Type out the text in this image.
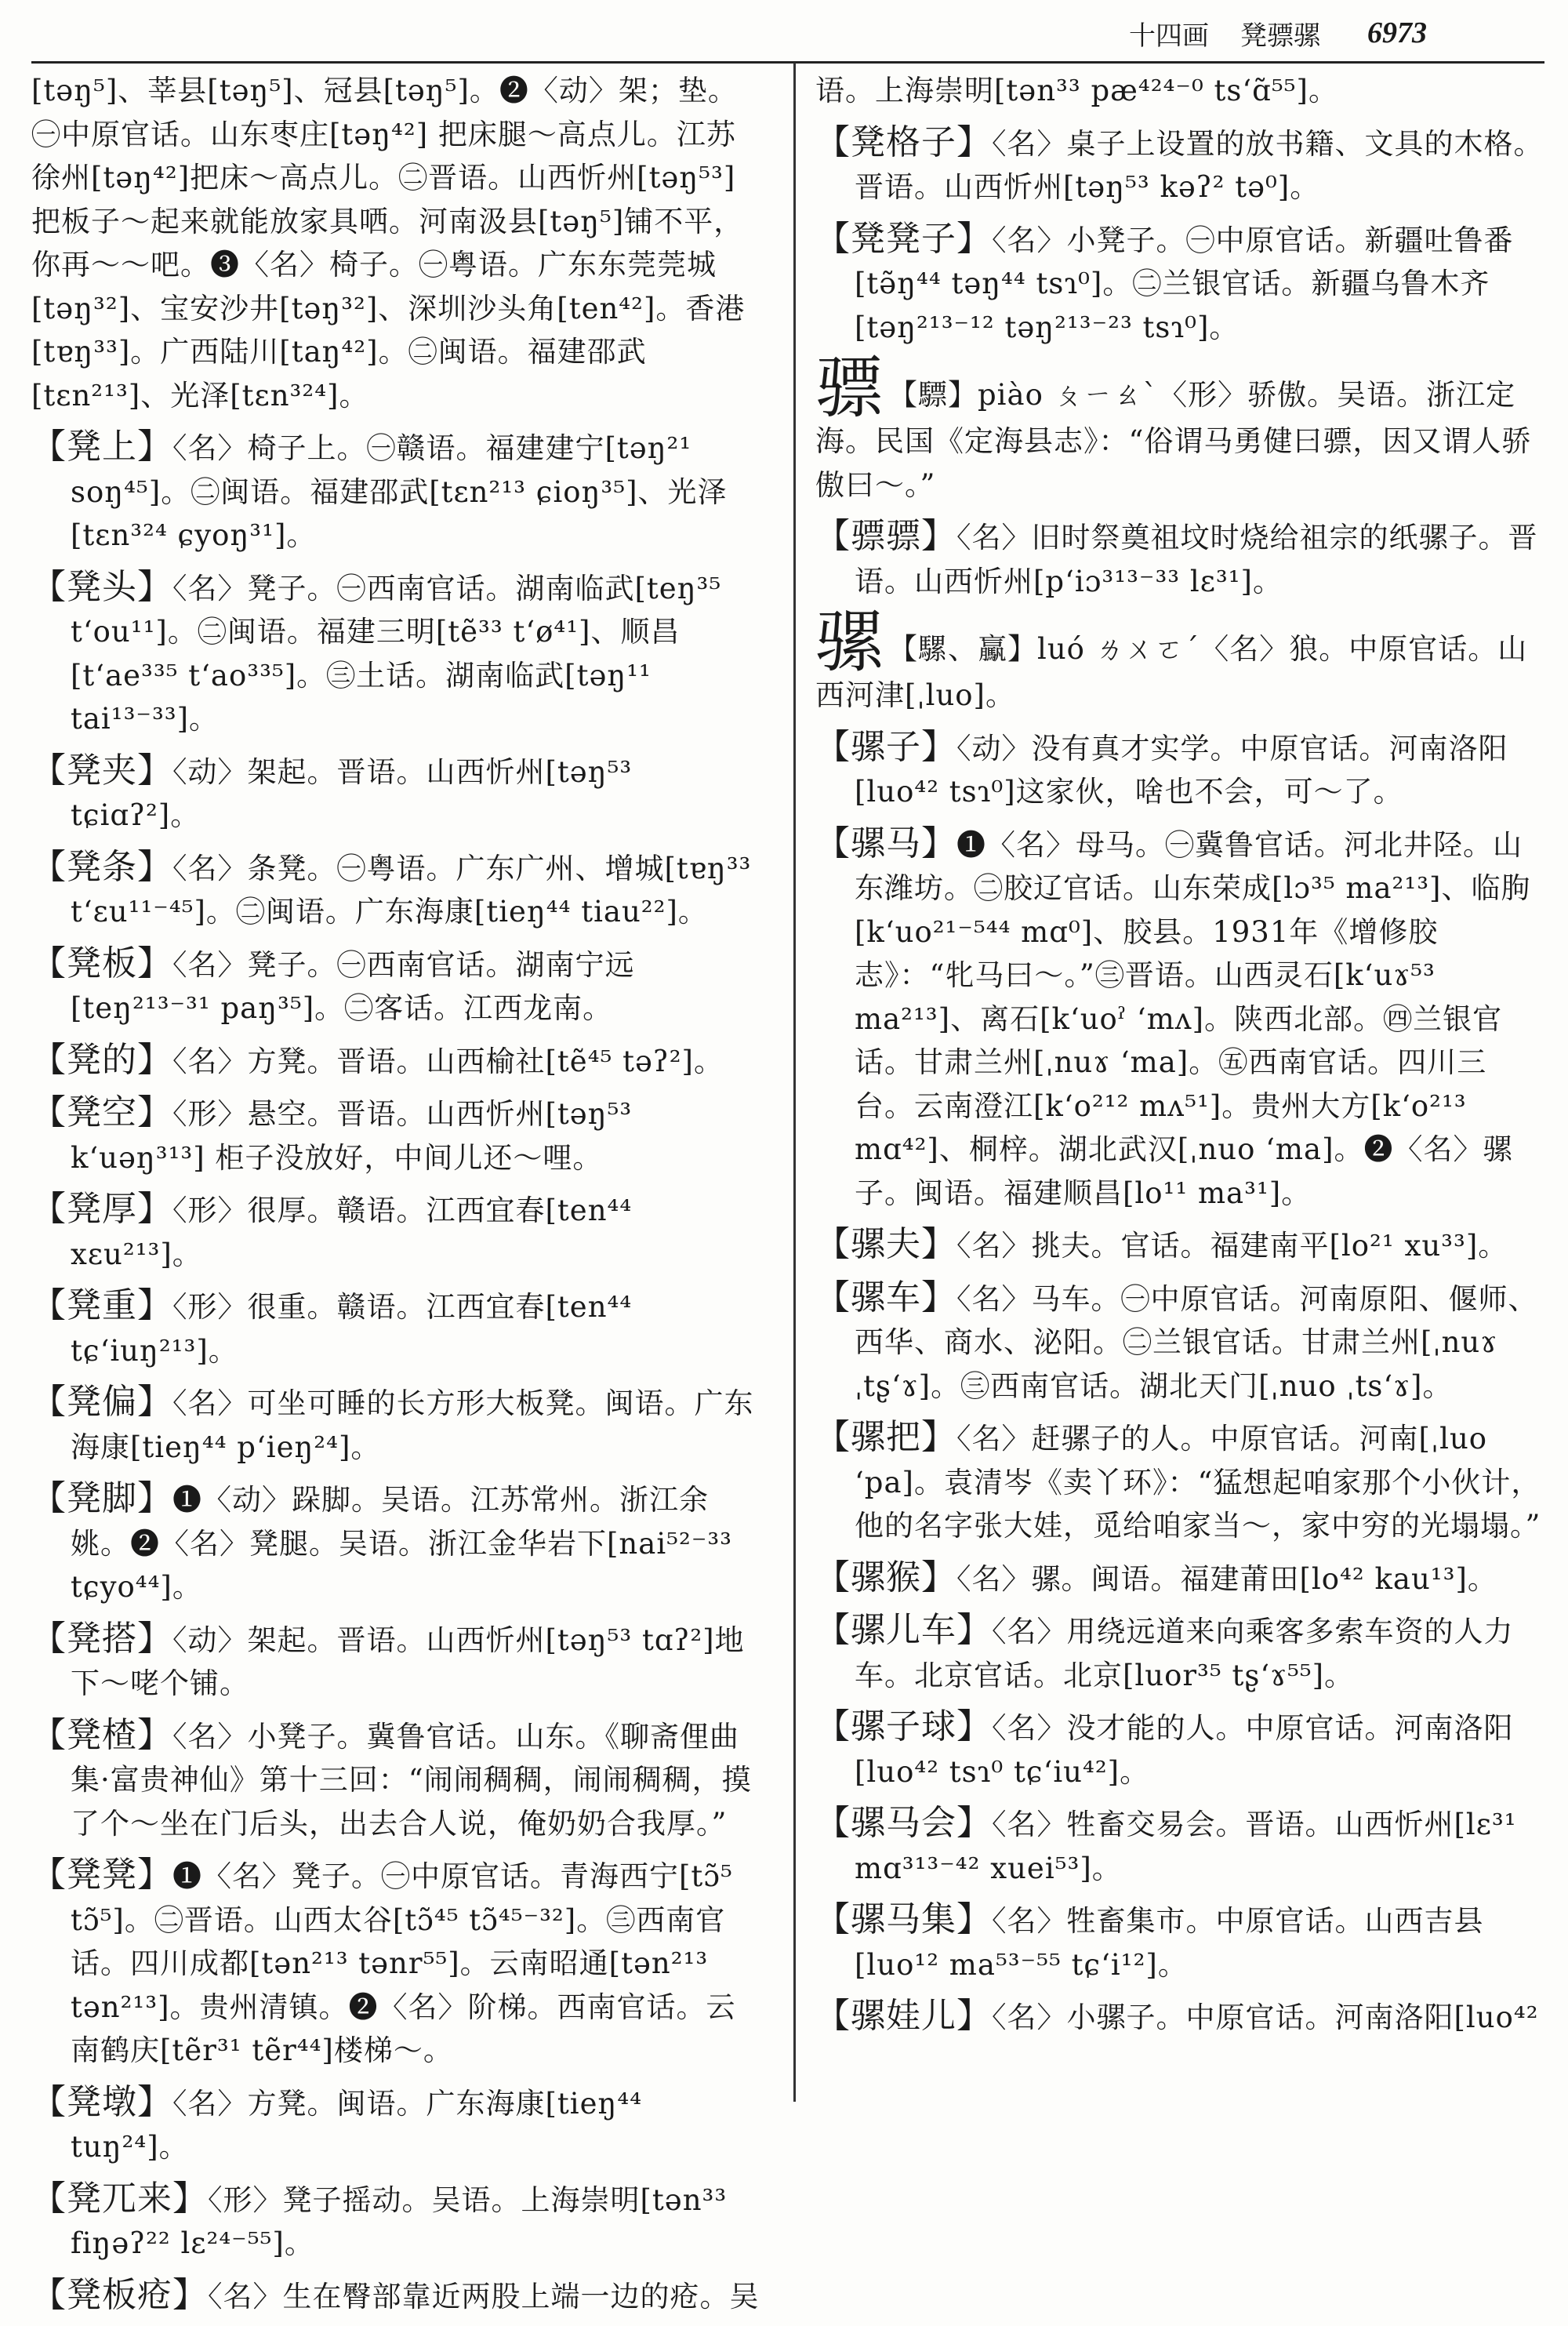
十四画 凳骠骡 6973
[təŋ⁵]、莘县[təŋ⁵]、冠县[təŋ⁵]。❷〈动〉架；垫。㊀中原官话。山东枣庄[təŋ⁴²] 把床腿～高点儿。江苏徐州[təŋ⁴²]把床～高点儿。㊁晋语。山西忻州[təŋ⁵³]把板子～起来就能放家具哂。河南汲县[təŋ⁵]铺不平，你再～～吧。❸〈名〉椅子。㊀粤语。广东东莞莞城[təŋ³²]、宝安沙井[təŋ³²]、深圳沙头角[ten⁴²]。香港[tɐŋ³³]。广西陆川[taŋ⁴²]。㊁闽语。福建邵武[tɛn²¹³]、光泽[tɛn³²⁴]。
【凳上】〈名〉椅子上。㊀赣语。福建建宁[təŋ²¹ soŋ⁴⁵]。㊁闽语。福建邵武[tɛn²¹³ ɕioŋ³⁵]、光泽[tɛn³²⁴ ɕyoŋ³¹]。
【凳头】〈名〉凳子。㊀西南官话。湖南临武[teŋ³⁵ tʻou¹¹]。㊁闽语。福建三明[tẽ³³ tʻø⁴¹]、顺昌[tʻae³³⁵ tʻao³³⁵]。㊂土话。湖南临武[təŋ¹¹ tai¹³⁻³³]。
【凳夹】〈动〉架起。晋语。山西忻州[təŋ⁵³ tɕiɑʔ²]。
【凳条】〈名〉条凳。㊀粤语。广东广州、增城[tɐŋ³³ tʻɛu¹¹⁻⁴⁵]。㊁闽语。广东海康[tieŋ⁴⁴ tiau²²]。
【凳板】〈名〉凳子。㊀西南官话。湖南宁远[teŋ²¹³⁻³¹ paŋ³⁵]。㊁客话。江西龙南。
【凳的】〈名〉方凳。晋语。山西榆社[tẽ⁴⁵ təʔ²]。
【凳空】〈形〉悬空。晋语。山西忻州[təŋ⁵³ kʻuəŋ³¹³] 柜子没放好，中间儿还～哩。
【凳厚】〈形〉很厚。赣语。江西宜春[ten⁴⁴ xɛu²¹³]。
【凳重】〈形〉很重。赣语。江西宜春[ten⁴⁴ tɕʻiuŋ²¹³]。
【凳偏】〈名〉可坐可睡的长方形大板凳。闽语。广东海康[tieŋ⁴⁴ pʻieŋ²⁴]。
【凳脚】❶〈动〉跺脚。吴语。江苏常州。浙江余姚。❷〈名〉凳腿。吴语。浙江金华岩下[nai⁵²⁻³³ tɕyo⁴⁴]。
【凳搭】〈动〉架起。晋语。山西忻州[təŋ⁵³ tɑʔ²]地下～咾个铺。
【凳楂】〈名〉小凳子。冀鲁官话。山东。《聊斋俚曲集·富贵神仙》第十三回：“闹闹稠稠，闹闹稠稠，摸了个～坐在门后头，出去合人说，俺奶奶合我厚。”
【凳凳】❶〈名〉凳子。㊀中原官话。青海西宁[tɔ̃⁵ tɔ̃⁵]。㊁晋语。山西太谷[tɔ̃⁴⁵ tɔ̃⁴⁵⁻³²]。㊂西南官话。四川成都[tən²¹³ tənr⁵⁵]。云南昭通[tən²¹³ tən²¹³]。贵州清镇。❷〈名〉阶梯。西南官话。云南鹤庆[tẽr³¹ tẽr⁴⁴]楼梯～。
【凳墩】〈名〉方凳。闽语。广东海康[tieŋ⁴⁴ tuŋ²⁴]。
【凳兀来】〈形〉凳子摇动。吴语。上海崇明[tən³³ fiŋəʔ²² lɛ²⁴⁻⁵⁵]。
【凳板疮】〈名〉生在臀部靠近两股上端一边的疮。吴
语。上海崇明[tən³³ pæ⁴²⁴⁻⁰ tsʻɑ̃⁵⁵]。
【凳格子】〈名〉桌子上设置的放书籍、文具的木格。晋语。山西忻州[təŋ⁵³ kəʔ² tə⁰]。
【凳凳子】〈名〉小凳子。㊀中原官话。新疆吐鲁番[tə̃ŋ⁴⁴ təŋ⁴⁴ tsɿ⁰]。㊁兰银官话。新疆乌鲁木齐[təŋ²¹³⁻¹² təŋ²¹³⁻²³ tsɿ⁰]。
骠 【驃】piào ㄆㄧㄠˋ〈形〉骄傲。吴语。浙江定海。民国《定海县志》：“俗谓马勇健曰骠，因又谓人骄傲曰～。”
【骠骠】〈名〉旧时祭奠祖坟时烧给祖宗的纸骡子。晋语。山西忻州[pʻiɔ³¹³⁻³³ lɛ³¹]。
骡 【騾、驘】luó ㄌㄨㄛˊ〈名〉狼。中原官话。山西河津[ˌluo]。
【骡子】〈动〉没有真才实学。中原官话。河南洛阳[luo⁴² tsɿ⁰]这家伙，啥也不会，可～了。
【骡马】❶〈名〉母马。㊀冀鲁官话。河北井陉。山东潍坊。㊁胶辽官话。山东荣成[lɔ³⁵ ma²¹³]、临朐[kʻuo²¹⁻⁵⁴⁴ mɑ⁰]、胶县。1931年《增修胶志》：“牝马曰～。”㊂晋语。山西灵石[kʻuɤ⁵³ ma²¹³]、离石[kʻuoˀ ʻmʌ]。陕西北部。㊃兰银官话。甘肃兰州[ˌnuɤ ʻma]。㊄西南官话。四川三台。云南澄江[kʻo²¹² mʌ⁵¹]。贵州大方[kʻo²¹³ mɑ⁴²]、桐梓。湖北武汉[ˌnuo ʻma]。❷〈名〉骡子。闽语。福建顺昌[lo¹¹ ma³¹]。
【骡夫】〈名〉挑夫。官话。福建南平[lo²¹ xu³³]。
【骡车】〈名〉马车。㊀中原官话。河南原阳、偃师、西华、商水、泌阳。㊁兰银官话。甘肃兰州[ˌnuɤ ˌtʂʻɤ]。㊂西南官话。湖北天门[ˌnuo ˌtsʻɤ]。
【骡把】〈名〉赶骡子的人。中原官话。河南[ˌluo ʻpa]。袁清岑《卖丫环》：“猛想起咱家那个小伙计，他的名字张大娃，觅给咱家当～，家中穷的光塌塌。”
【骡猴】〈名〉骡。闽语。福建莆田[lo⁴² kau¹³]。
【骡儿车】〈名〉用绕远道来向乘客多索车资的人力车。北京官话。北京[luor³⁵ tʂʻɤ⁵⁵]。
【骡子球】〈名〉没才能的人。中原官话。河南洛阳[luo⁴² tsɿ⁰ tɕʻiu⁴²]。
【骡马会】〈名〉牲畜交易会。晋语。山西忻州[lɛ³¹ mɑ³¹³⁻⁴² xuei⁵³]。
【骡马集】〈名〉牲畜集市。中原官话。山西吉县[luo¹² ma⁵³⁻⁵⁵ tɕʻi¹²]。
【骡娃儿】〈名〉小骡子。中原官话。河南洛阳[luo⁴²
